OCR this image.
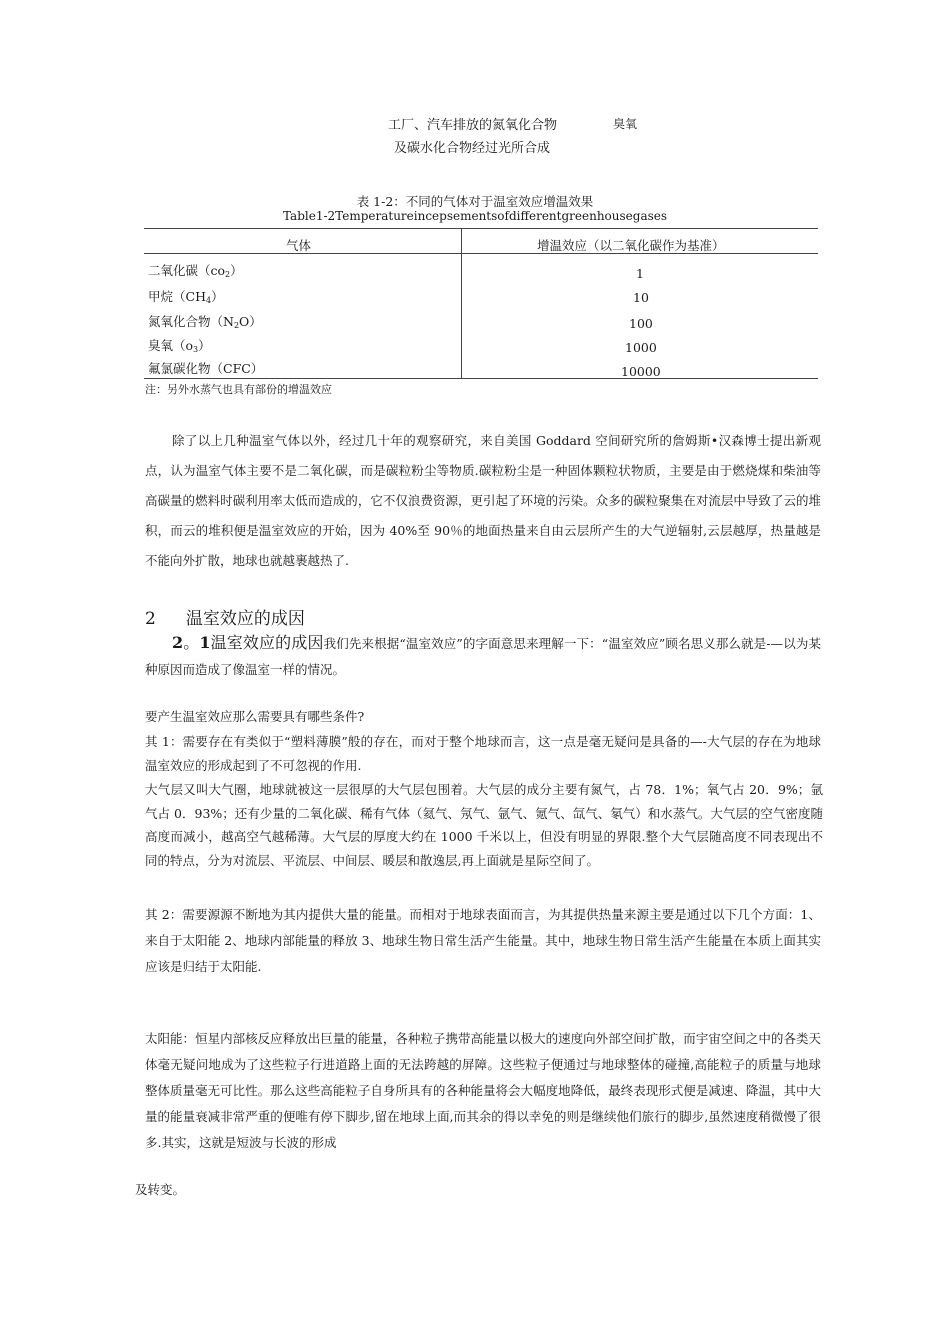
工厂、汽车排放的氮氧化合物	臭氧
及碳水化合物经过光所合成
表 1-2：不同的气体对于温室效应增温效果
Table1-2Temperatureincepsementsofdifferentgreenhousegases
气体	增温效应（以二氧化碳作为基准）
二氧化碳$(co_2)$	1
甲烷$(CH_4)$	10
氮氧化合物$(N_2O)$	100
臭氧$(o_3)$	1000
氟氯碳化物（CFC）	10000
注：另外水蒸气也具有部份的增温效应
除了以上几种温室气体以外，经过几十年的观察研究，来自美国 Goddard 空间研究所的詹姆斯•汉森博士提出新观点，认为温室气体主要不是二氧化碳，而是碳粒粉尘等物质.碳粒粉尘是一种固体颗粒状物质，主要是由于燃烧煤和柴油等高碳量的燃料时碳利用率太低而造成的，它不仅浪费资源，更引起了环境的污染。众多的碳粒聚集在对流层中导致了云的堆积，而云的堆积便是温室效应的开始，因为 40%至 90％的地面热量来自由云层所产生的大气逆辐射,云层越厚，热量越是不能向外扩散，地球也就越裹越热了.
2 温室效应的成因
2。1温室效应的成因我们先来根据“温室效应”的字面意思来理解一下：“温室效应”顾名思义那么就是-—以为某种原因而造成了像温室一样的情况。
要产生温室效应那么需要具有哪些条件?
其 1：需要存在有类似于“塑料薄膜”般的存在，而对于整个地球而言，这一点是毫无疑问是具备的—-大气层的存在为地球温室效应的形成起到了不可忽视的作用.
大气层又叫大气圈，地球就被这一层很厚的大气层包围着。大气层的成分主要有氮气，占 78．1%；氧气占 20．9%；氩气占 0．93%；还有少量的二氧化碳、稀有气体（氦气、氖气、氩气、氪气、氙气、氡气）和水蒸气。大气层的空气密度随高度而减小，越高空气越稀薄。大气层的厚度大约在 1000 千米以上，但没有明显的界限.整个大气层随高度不同表现出不同的特点，分为对流层、平流层、中间层、暖层和散逸层,再上面就是星际空间了。
其 2：需要源源不断地为其内提供大量的能量。而相对于地球表面而言，为其提供热量来源主要是通过以下几个方面：1、来自于太阳能 2、地球内部能量的释放 3、地球生物日常生活产生能量。其中，地球生物日常生活产生能量在本质上面其实应该是归结于太阳能.
太阳能：恒星内部核反应释放出巨量的能量，各种粒子携带高能量以极大的速度向外部空间扩散，而宇宙空间之中的各类天体毫无疑问地成为了这些粒子行进道路上面的无法跨越的屏障。这些粒子便通过与地球整体的碰撞,高能粒子的质量与地球整体质量毫无可比性。那么这些高能粒子自身所具有的各种能量将会大幅度地降低，最终表现形式便是减速、降温，其中大量的能量衰减非常严重的便唯有停下脚步,留在地球上面,而其余的得以幸免的则是继续他们旅行的脚步,虽然速度稍微慢了很多.其实，这就是短波与长波的形成
及转变。
